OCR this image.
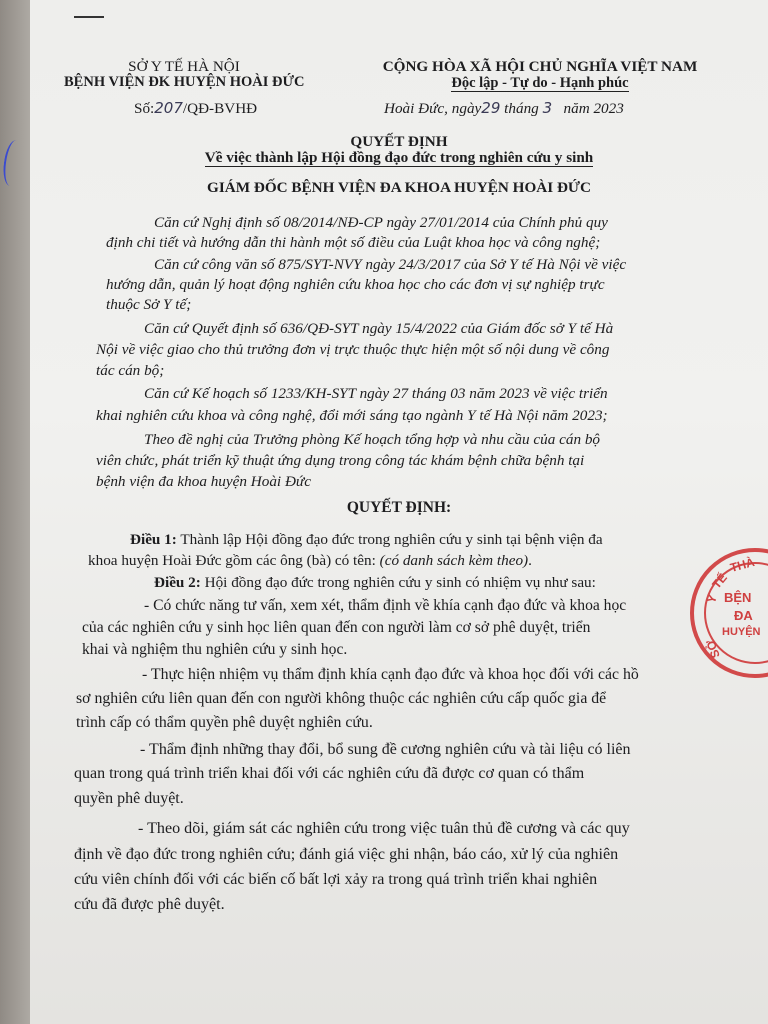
SỞ Y TẾ HÀ NỘI
BỆNH VIỆN ĐK HUYỆN HOÀI ĐỨC
CỘNG HÒA XÃ HỘI CHỦ NGHĨA VIỆT NAM
Độc lập - Tự do - Hạnh phúc
Số:207/QĐ-BVHĐ	Hoài Đức, ngày29 tháng 3 năm 2023
QUYẾT ĐỊNH
Về việc thành lập Hội đồng đạo đức trong nghiên cứu y sinh
GIÁM ĐỐC BỆNH VIỆN ĐA KHOA HUYỆN HOÀI ĐỨC
Căn cứ Nghị định số 08/2014/NĐ-CP ngày 27/01/2014 của Chính phủ quy
định chi tiết và hướng dẫn thi hành một số điều của Luật khoa học và công nghệ;
Căn cứ công văn số 875/SYT-NVY ngày 24/3/2017 của Sở Y tế Hà Nội về việc
hướng dẫn, quản lý hoạt động nghiên cứu khoa học cho các đơn vị sự nghiệp trực
thuộc Sở Y tế;
Căn cứ Quyết định số 636/QĐ-SYT ngày 15/4/2022 của Giám đốc sở Y tế Hà
Nội về việc giao cho thủ trưởng đơn vị trực thuộc thực hiện một số nội dung về công
tác cán bộ;
Căn cứ Kế hoạch số 1233/KH-SYT ngày 27 tháng 03 năm 2023 về việc triển
khai nghiên cứu khoa và công nghệ, đổi mới sáng tạo ngành Y tế Hà Nội năm 2023;
Theo đề nghị của Trưởng phòng Kế hoạch tổng hợp và nhu cầu của cán bộ
viên chức, phát triển kỹ thuật ứng dụng trong công tác khám bệnh chữa bệnh tại
bệnh viện đa khoa huyện Hoài Đức
QUYẾT ĐỊNH:
Điều 1: Thành lập Hội đồng đạo đức trong nghiên cứu y sinh tại bệnh viện đa
khoa huyện Hoài Đức gồm các ông (bà) có tên: (có danh sách kèm theo).
Điều 2: Hội đồng đạo đức trong nghiên cứu y sinh có nhiệm vụ như sau:
- Có chức năng tư vấn, xem xét, thẩm định về khía cạnh đạo đức và khoa học
của các nghiên cứu y sinh học liên quan đến con người làm cơ sở phê duyệt, triển
khai và nghiệm thu nghiên cứu y sinh học.
- Thực hiện nhiệm vụ thẩm định khía cạnh đạo đức và khoa học đối với các hồ
sơ nghiên cứu liên quan đến con người không thuộc các nghiên cứu cấp quốc gia để
trình cấp có thẩm quyền phê duyệt nghiên cứu.
- Thẩm định những thay đổi, bổ sung đề cương nghiên cứu và tài liệu có liên
quan trong quá trình triển khai đối với các nghiên cứu đã được cơ quan có thẩm
quyền phê duyệt.
- Theo dõi, giám sát các nghiên cứu trong việc tuân thủ đề cương và các quy
định về đạo đức trong nghiên cứu; đánh giá việc ghi nhận, báo cáo, xử lý của nghiên
cứu viên chính đối với các biến cố bất lợi xảy ra trong quá trình triển khai nghiên
cứu đã được phê duyệt.
Y
TẾ
THÀ
BỆN
ĐA
HUYỆN
SỞ
